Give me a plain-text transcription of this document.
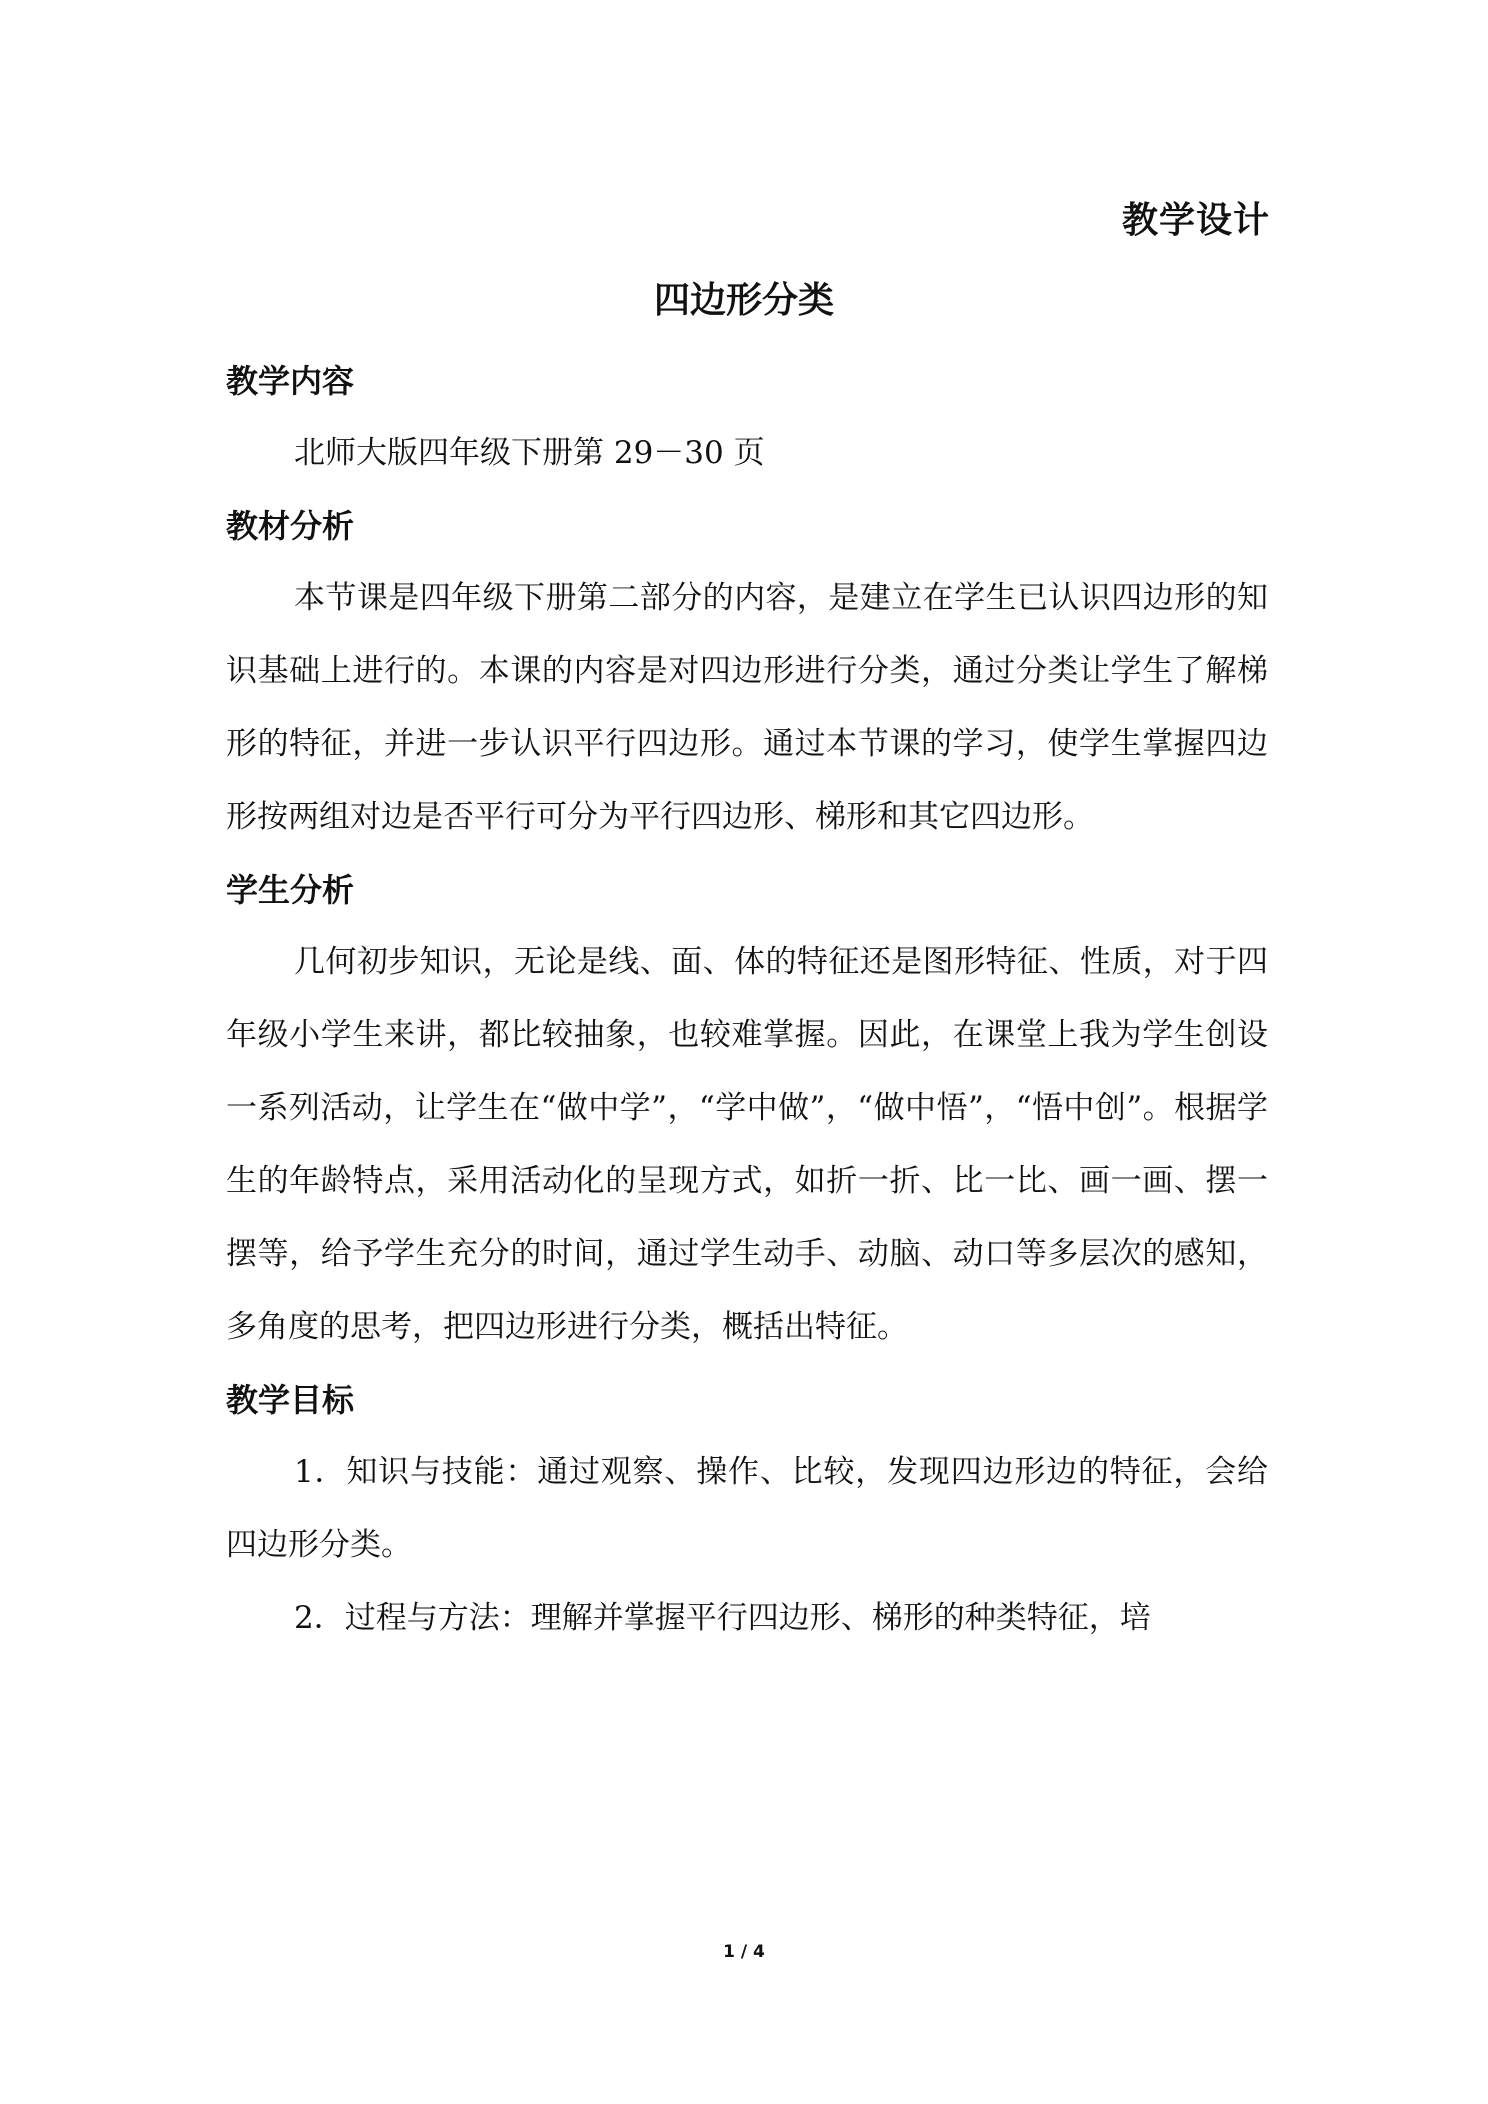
教学设计
四边形分类
教学内容

北师大版四年级下册第 29－30 页

教材分析

本节课是四年级下册第二部分的内容，是建立在学生已认识四边形的知识基础上进行的。本课的内容是对四边形进行分类，通过分类让学生了解梯形的特征，并进一步认识平行四边形。通过本节课的学习，使学生掌握四边形按两组对边是否平行可分为平行四边形、梯形和其它四边形。

学生分析

几何初步知识，无论是线、面、体的特征还是图形特征、性质，对于四年级小学生来讲，都比较抽象，也较难掌握。因此，在课堂上我为学生创设一系列活动，让学生在“做中学”，“学中做”，“做中悟”，“悟中创”。根据学生的年龄特点，采用活动化的呈现方式，如折一折、比一比、画一画、摆一摆等，给予学生充分的时间，通过学生动手、动脑、动口等多层次的感知，多角度的思考，把四边形进行分类，概括出特征。

教学目标

1．知识与技能：通过观察、操作、比较，发现四边形边的特征，会给四边形分类。

2．过程与方法：理解并掌握平行四边形、梯形的种类特征，培

1 / 4
